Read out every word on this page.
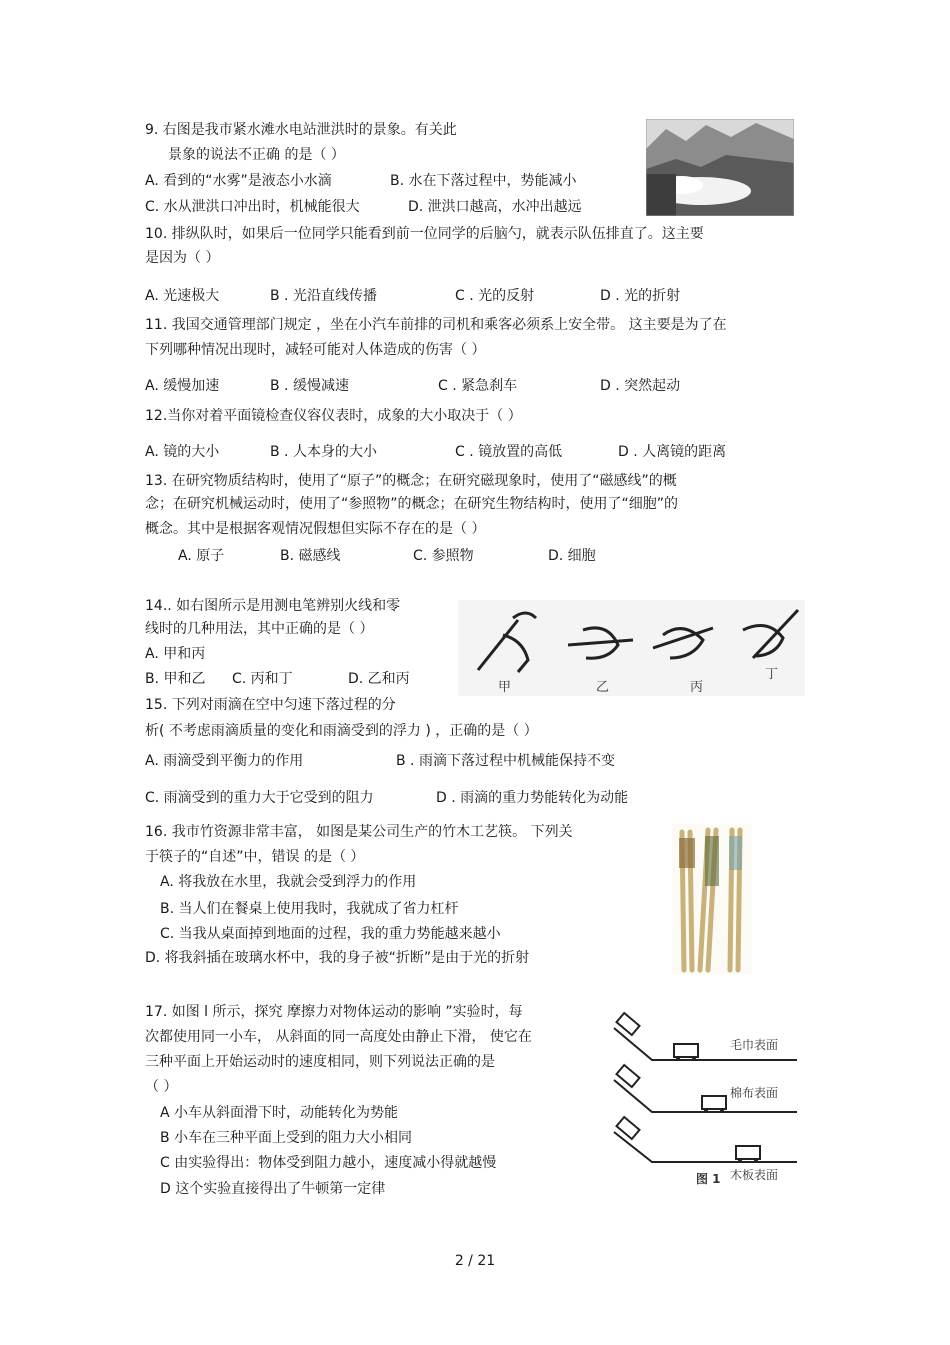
9. 右图是我市紧水滩水电站泄洪时的景象。有关此
景象的说法不正确 的是（ ）
A. 看到的“水雾”是液态小水滴	B. 水在下落过程中，势能减小
C. 水从泄洪口冲出时，机械能很大	D. 泄洪口越高，水冲出越远
10. 排纵队时，如果后一位同学只能看到前一位同学的后脑勺，就表示队伍排直了。这主要
是因为（ ）
A. 光速极大	B . 光沿直线传播	C . 光的反射	D . 光的折射
11. 我国交通管理部门规定 ，坐在小汽车前排的司机和乘客必须系上安全带。 这主要是为了在
下列哪种情况出现时，减轻可能对人体造成的伤害（ ）
A. 缓慢加速	B . 缓慢减速	C . 紧急刹车	D . 突然起动
12.当你对着平面镜检查仪容仪表时，成象的大小取决于（ ）
A. 镜的大小	B . 人本身的大小	C . 镜放置的高低	D . 人离镜的距离
13. 在研究物质结构时，使用了“原子”的概念；在研究磁现象时，使用了“磁感线”的概
念；在研究机械运动时，使用了“参照物”的概念；在研究生物结构时，使用了“细胞”的
概念。其中是根据客观情况假想但实际不存在的是（ ）
A. 原子	B. 磁感线	C. 参照物	D. 细胞
14.. 如右图所示是用测电笔辨别火线和零
线时的几种用法，其中正确的是（ ）
A. 甲和丙
B. 甲和乙 C. 丙和丁	D. 乙和丙
甲	乙	丙
丁
15. 下列对雨滴在空中匀速下落过程的分
析( 不考虑雨滴质量的变化和雨滴受到的浮力 ) ，正确的是（ ）
A. 雨滴受到平衡力的作用	B . 雨滴下落过程中机械能保持不变
C. 雨滴受到的重力大于它受到的阻力	D . 雨滴的重力势能转化为动能
16. 我市竹资源非常丰富， 如图是某公司生产的竹木工艺筷。 下列关
于筷子的“自述”中，错误 的是（ ）
A. 将我放在水里，我就会受到浮力的作用
B. 当人们在餐桌上使用我时，我就成了省力杠杆
C. 当我从桌面掉到地面的过程，我的重力势能越来越小
D. 将我斜插在玻璃水杯中，我的身子被“折断”是由于光的折射
17. 如图 l 所示，探究 摩擦力对物体运动的影响 ”实验时，每
次都使用同一小车， 从斜面的同一高度处由静止下滑， 使它在
三种平面上开始运动时的速度相同，则下列说法正确的是
（ ）
A 小车从斜面滑下时，动能转化为势能
B 小车在三种平面上受到的阻力大小相同
C 由实验得出：物体受到阻力越小，速度减小得就越慢
D 这个实验直接得出了牛顿第一定律
毛巾表面
棉布表面
木板表面
图 1
2 / 21
